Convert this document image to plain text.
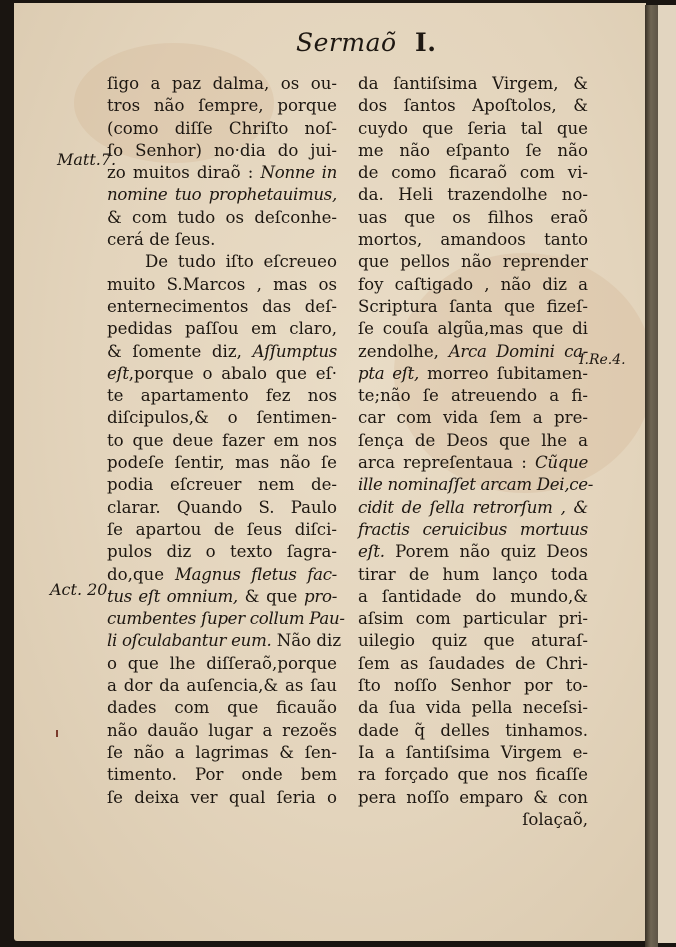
Sermaõ I.
Matt.7.
Act. 20.
I.Re.4.
ſigo a paz dalma, os ou-
tros não ſempre, porque
(como diſſe Chriſto noſ-
ſo Senhor) no·dia do jui-
zo muitos diraõ : Nonne in
nomine tuo prophetauimus,
& com tudo os deſconhe-
cerá de ſeus.
De tudo iſto eſcreueo
muito S.Marcos , mas os
enternecimentos das deſ-
pedidas paſſou em claro,
& ſomente diz, Aſſumptus
eſt,porque o abalo que eſ·
te apartamento fez nos
diſcipulos,& o ſentimen-
to que deue fazer em nos
podeſe ſentir, mas não ſe
podia eſcreuer nem de-
clarar. Quando S. Paulo
ſe apartou de ſeus diſci-
pulos diz o texto ſagra-
do,que Magnus fletus fac-
tus eſt omnium, & que pro-
cumbentes ſuper collum Pau-
li oſculabantur eum. Não diz
o que lhe diſſeraõ,porque
a dor da auſencia,& as ſau
dades com que ficauão
não dauão lugar a rezoẽs
ſe não a lagrimas & ſen-
timento. Por onde bem
ſe deixa ver qual ſeria o
da ſantiſsima Virgem, &
dos ſantos Apoſtolos, &
cuydo que ſeria tal que
me não eſpanto ſe não
de como ficaraõ com vi-
da. Heli trazendolhe no-
uas que os filhos eraõ
mortos, amandoos tanto
que pellos não reprender
foy caſtigado , não diz a
Scriptura ſanta que fizeſ-
ſe couſa algũa,mas que di
zendolhe, Arca Domini ca-
pta eſt, morreo ſubitamen-
te;não ſe atreuendo a fi-
car com vida ſem a pre-
ſença de Deos que lhe a
arca repreſentaua : Cũque
ille nominaſſet arcam Dei,ce-
cidit de ſella retrorſum , &
fractis ceruicibus mortuus
eſt. Porem não quiz Deos
tirar de hum lanço toda
a ſantidade do mundo,&
aſsim com particular pri-
uilegio quiz que aturaſ-
ſem as ſaudades de Chri-
ſto noſſo Senhor por to-
da ſua vida pella neceſsi-
dade q̃ delles tinhamos.
Ia a ſantiſsima Virgem e-
ra forçado que nos ficaſſe
pera noſſo emparo & con
ſolaçaõ,
